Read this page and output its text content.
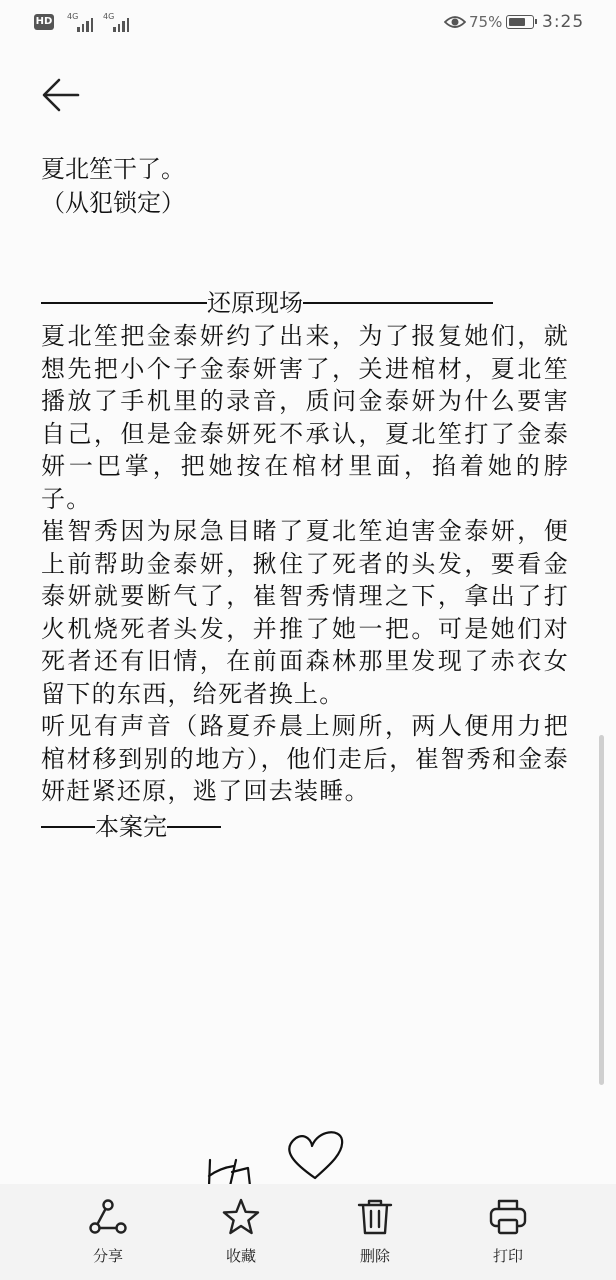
HD 4G	4G	75% 3:25

夏北笙干了。

（从犯锁定）

还原现场

夏北笙把金泰妍约了出来，为了报复她们，就想先把小个子金泰妍害了，关进棺材，夏北笙播放了手机里的录音，质问金泰妍为什么要害自己，但是金泰妍死不承认，夏北笙打了金泰妍一巴掌，把她按在棺材里面，掐着她的脖子。

崔智秀因为尿急目睹了夏北笙迫害金泰妍，便上前帮助金泰妍，揪住了死者的头发，要看金泰妍就要断气了，崔智秀情理之下，拿出了打火机烧死者头发，并推了她一把。可是她们对死者还有旧情，在前面森林那里发现了赤衣女留下的东西，给死者换上。

听见有声音（路夏乔晨上厕所，两人便用力把棺材移到别的地方），他们走后，崔智秀和金泰妍赶紧还原，逃了回去装睡。

本案完
分享	收藏	删除	打印
